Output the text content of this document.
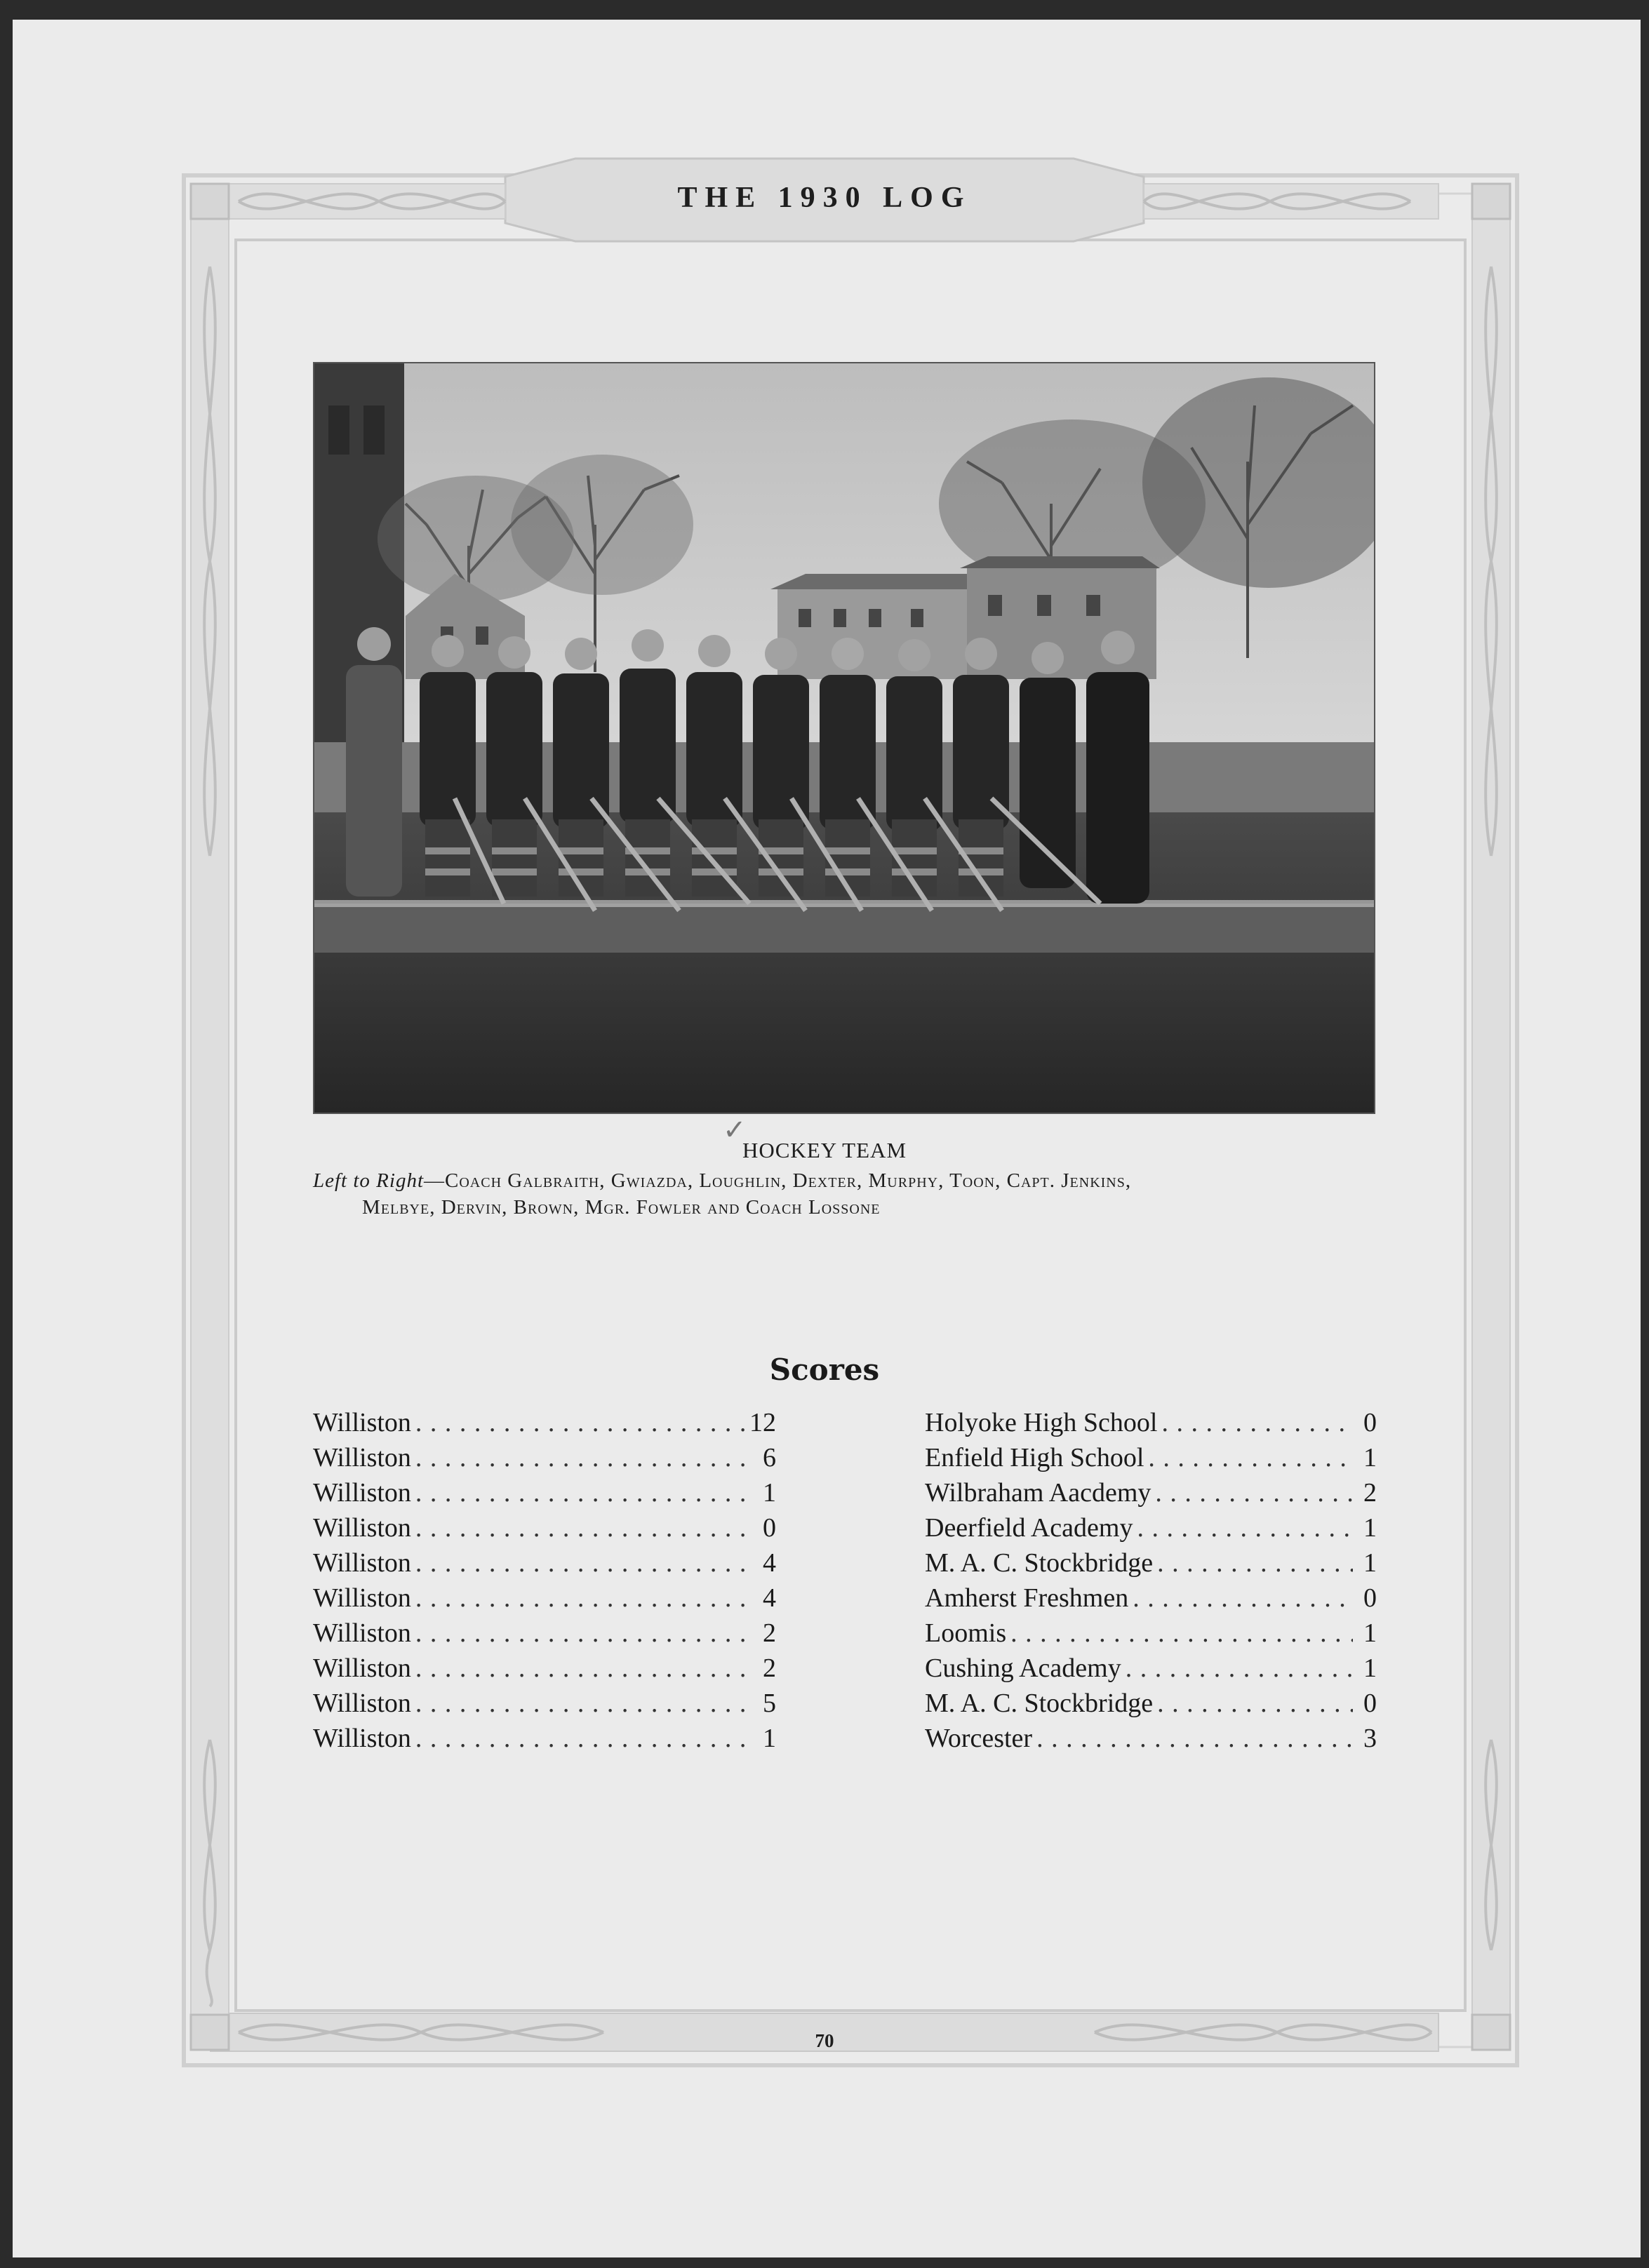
THE 1930 LOG
✓
HOCKEY TEAM
Left to Right—Coach Galbraith, Gwiazda, Loughlin, Dexter, Murphy, Toon, Capt. Jenkins,
Melbye, Dervin, Brown, Mgr. Fowler and Coach Lossone
Scores
Williston . . .	12
Williston . . .	6
Williston . . .	1
Williston . . .	0
Williston . . .	4
Williston . . .	4
Williston . . .	2
Williston . . .	2
Williston . . .	5
Williston . . .	1
Holyoke High School . . .	0
Enfield High School . . .	1
Wilbraham Aacdemy . . .	2
Deerfield Academy . . .	1
M. A. C. Stockbridge . . .	1
Amherst Freshmen . . .	0
Loomis . . .	1
Cushing Academy . . .	1
M. A. C. Stockbridge . . .	0
Worcester . . .	3
70
